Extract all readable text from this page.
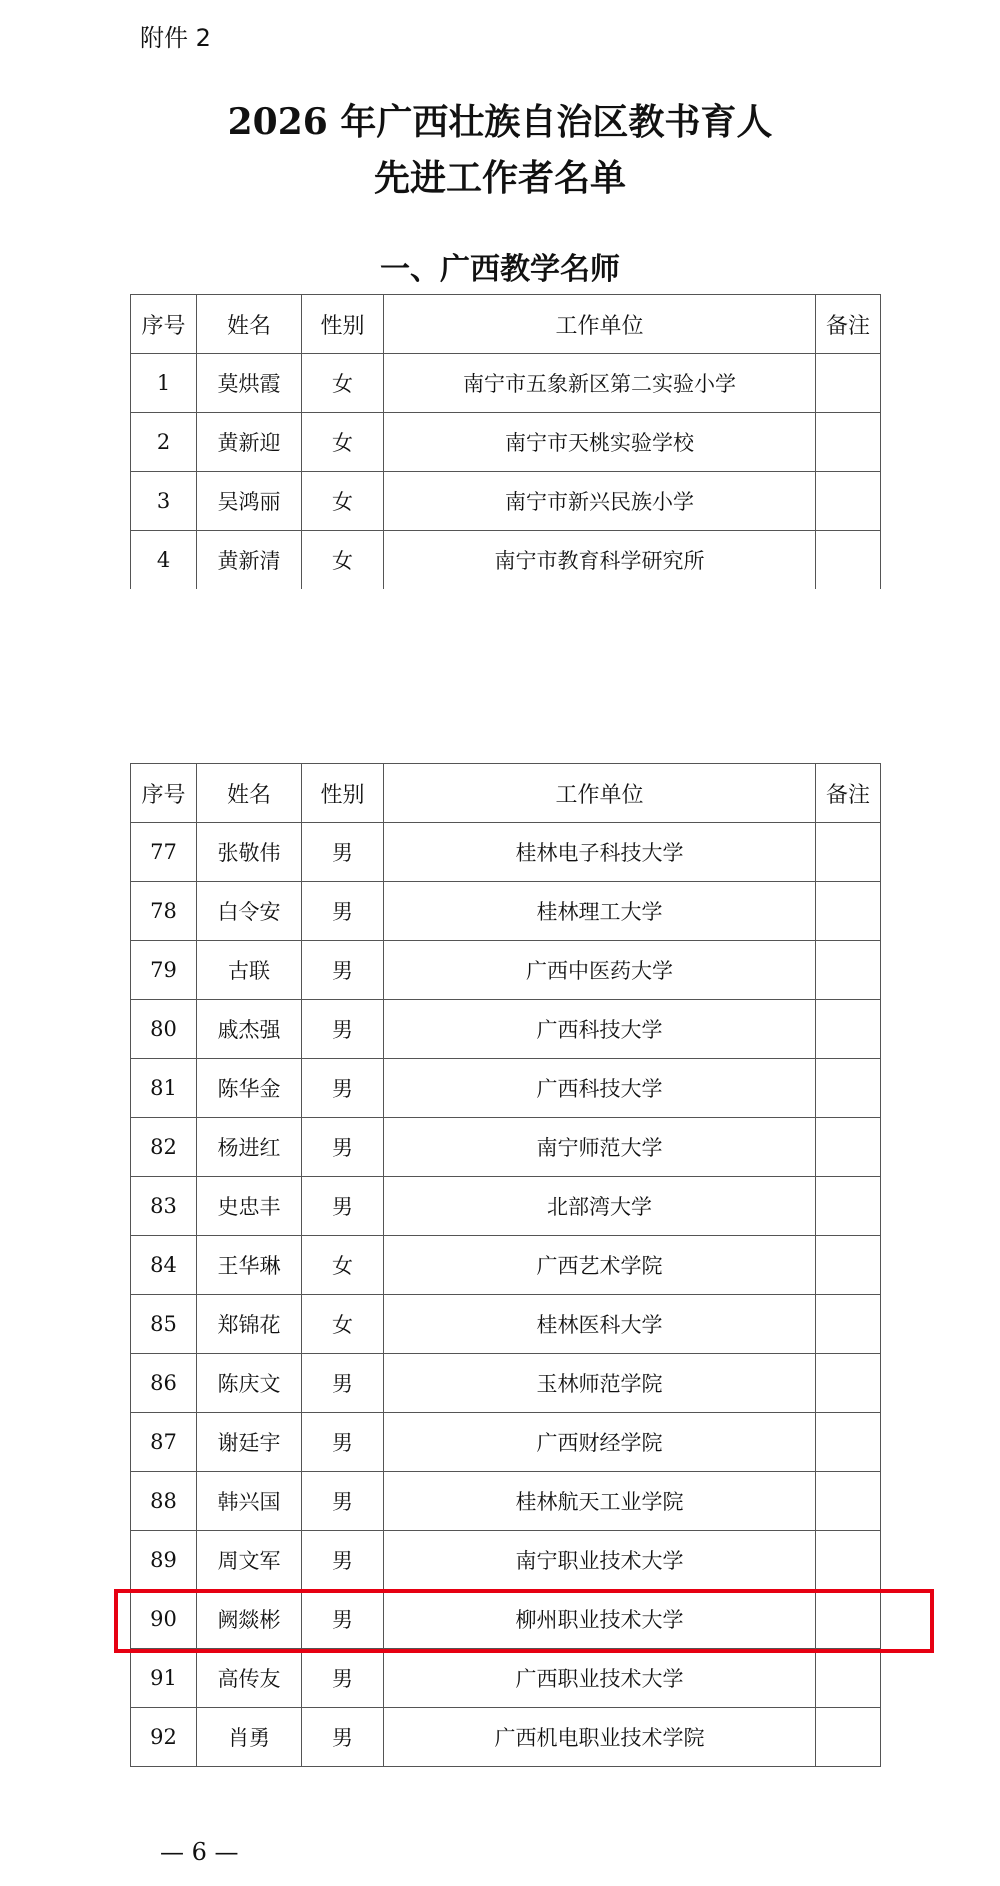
附件 2
2026 年广西壮族自治区教书育人
先进工作者名单
一、广西教学名师
序号	姓名	性别	工作单位	备注
1	莫烘霞	女	南宁市五象新区第二实验小学	
2	黄新迎	女	南宁市天桃实验学校	
3	吴鸿丽	女	南宁市新兴民族小学	
4	黄新清	女	南宁市教育科学研究所	
序号	姓名	性别	工作单位	备注
77	张敬伟	男	桂林电子科技大学	
78	白令安	男	桂林理工大学	
79	古联	男	广西中医药大学	
80	戚杰强	男	广西科技大学	
81	陈华金	男	广西科技大学	
82	杨进红	男	南宁师范大学	
83	史忠丰	男	北部湾大学	
84	王华琳	女	广西艺术学院	
85	郑锦花	女	桂林医科大学	
86	陈庆文	男	玉林师范学院	
87	谢廷宇	男	广西财经学院	
88	韩兴国	男	桂林航天工业学院	
89	周文军	男	南宁职业技术大学	
90	阙燚彬	男	柳州职业技术大学	
91	高传友	男	广西职业技术大学	
92	肖勇	男	广西机电职业技术学院	
— 6 —
